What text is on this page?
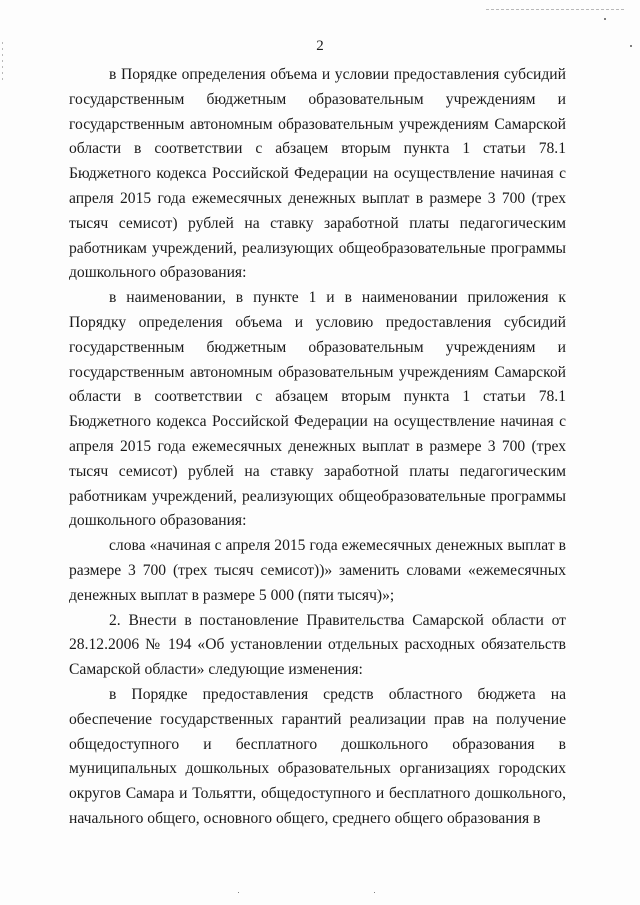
2

в Порядке определения объема и условии предоставления субсидий государственным бюджетным образовательным учреждениям и государственным автономным образовательным учреждениям Самарской области в соответствии с абзацем вторым пункта 1 статьи 78.1 Бюджетного кодекса Российской Федерации на осуществление начиная с апреля 2015 года ежемесячных денежных выплат в размере 3 700 (трех тысяч семисот) рублей на ставку заработной платы педагогическим работникам учреждений, реализующих общеобразовательные программы дошкольного образования:

в наименовании, в пункте 1 и в наименовании приложения к Порядку определения объема и условию предоставления субсидий государственным бюджетным образовательным учреждениям и государственным автономным образовательным учреждениям Самарской области в соответствии с абзацем вторым пункта 1 статьи 78.1 Бюджетного кодекса Российской Федерации на осуществление начиная с апреля 2015 года ежемесячных денежных выплат в размере 3 700 (трех тысяч семисот) рублей на ставку заработной платы педагогическим работникам учреждений, реализующих общеобразовательные программы дошкольного образования:

слова «начиная с апреля 2015 года ежемесячных денежных выплат в размере 3 700 (трех тысяч семисот))» заменить словами «ежемесячных денежных выплат в размере 5 000 (пяти тысяч)»;

2. Внести в постановление Правительства Самарской области от 28.12.2006 № 194 «Об установлении отдельных расходных обязательств Самарской области» следующие изменения:

в Порядке предоставления средств областного бюджета на обеспечение государственных гарантий реализации прав на получение общедоступного и бесплатного дошкольного образования в муниципальных дошкольных образовательных организациях городских округов Самара и Тольятти, общедоступного и бесплатного дошкольного, начального общего, основного общего, среднего общего образования в
